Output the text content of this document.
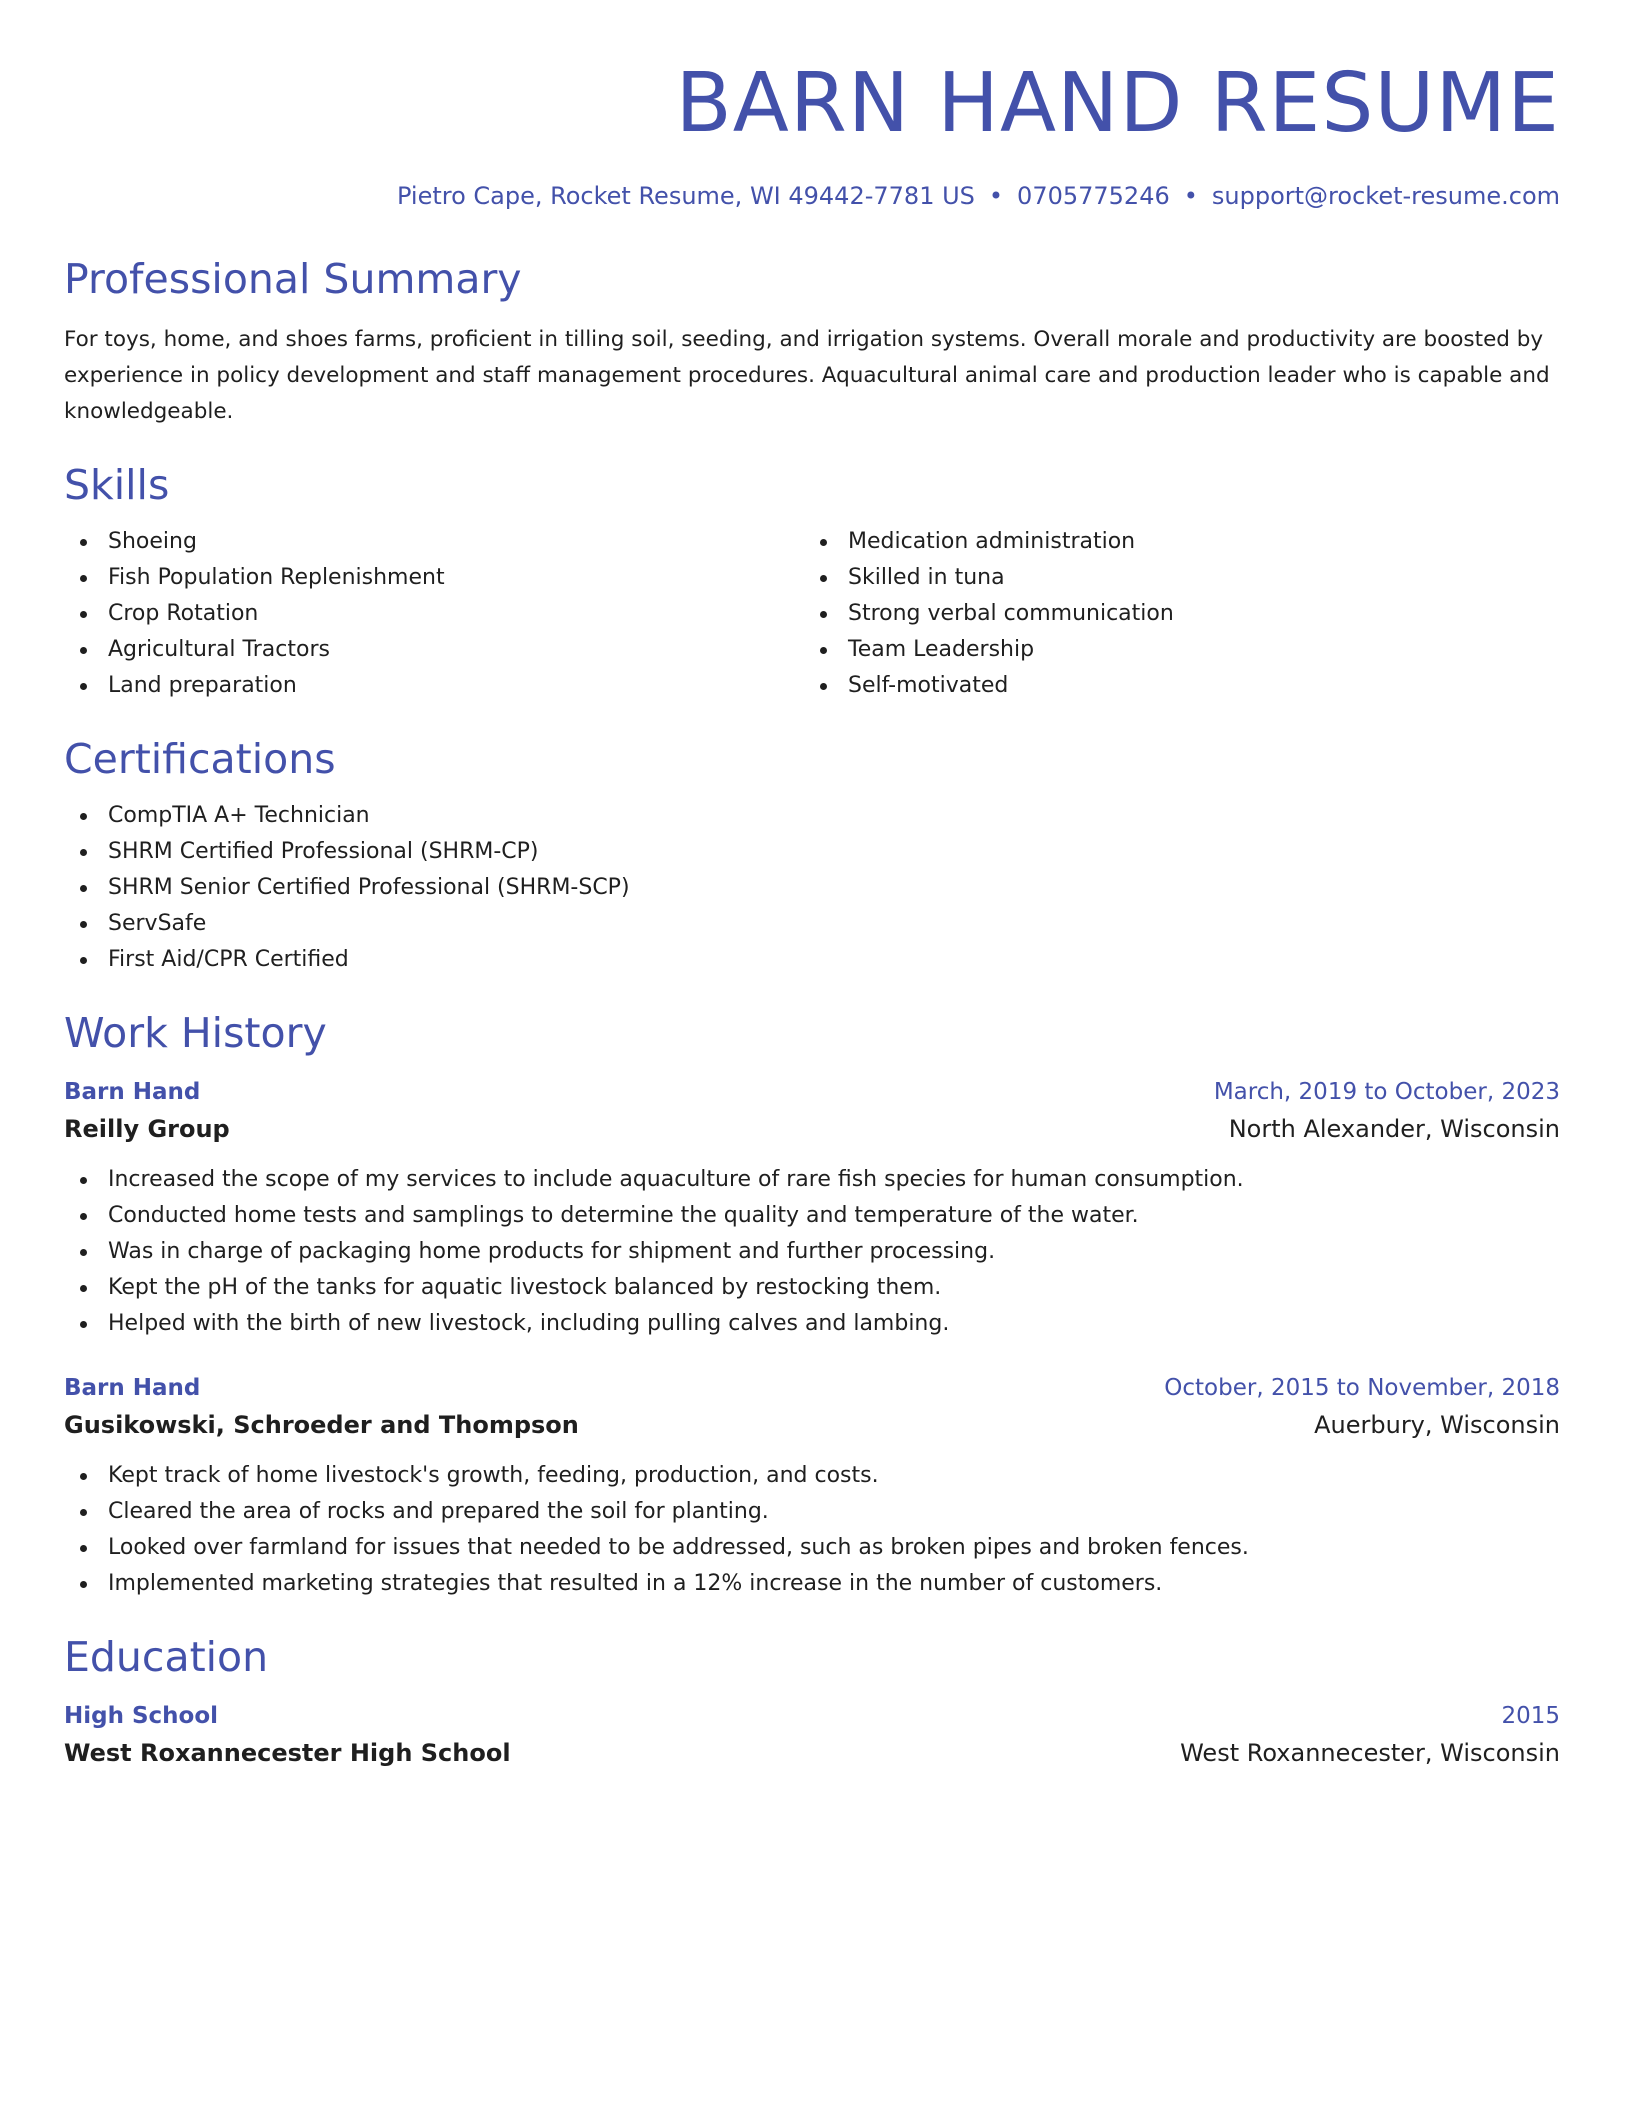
BARN HAND RESUME
Pietro Cape, Rocket Resume, WI 49442-7781 US • 0705775246 • support@rocket-resume.com
Professional Summary
For toys, home, and shoes farms, proficient in tilling soil, seeding, and irrigation systems. Overall morale and productivity are boosted by experience in policy development and staff management procedures. Aquacultural animal care and production leader who is capable and knowledgeable.
Skills
Shoeing
Fish Population Replenishment
Crop Rotation
Agricultural Tractors
Land preparation
Medication administration
Skilled in tuna
Strong verbal communication
Team Leadership
Self-motivated
Certifications
CompTIA A+ Technician
SHRM Certified Professional (SHRM-CP)
SHRM Senior Certified Professional (SHRM-SCP)
ServSafe
First Aid/CPR Certified
Work History
Barn Hand	March, 2019 to October, 2023
Reilly Group	North Alexander, Wisconsin
Increased the scope of my services to include aquaculture of rare fish species for human consumption.
Conducted home tests and samplings to determine the quality and temperature of the water.
Was in charge of packaging home products for shipment and further processing.
Kept the pH of the tanks for aquatic livestock balanced by restocking them.
Helped with the birth of new livestock, including pulling calves and lambing.
Barn Hand	October, 2015 to November, 2018
Gusikowski, Schroeder and Thompson	Auerbury, Wisconsin
Kept track of home livestock's growth, feeding, production, and costs.
Cleared the area of rocks and prepared the soil for planting.
Looked over farmland for issues that needed to be addressed, such as broken pipes and broken fences.
Implemented marketing strategies that resulted in a 12% increase in the number of customers.
Education
High School	2015
West Roxannecester High School	West Roxannecester, Wisconsin
